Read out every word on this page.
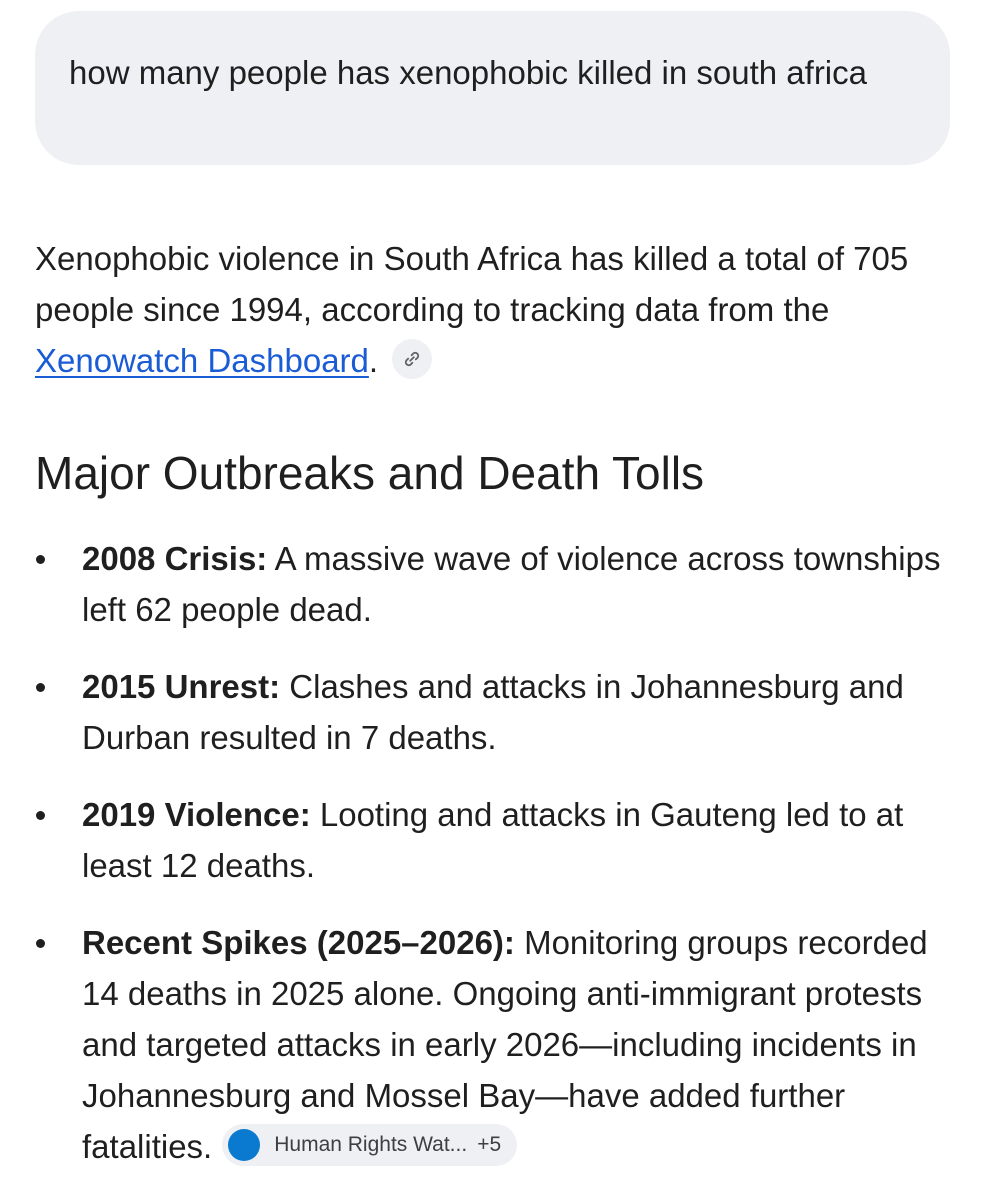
how many people has xenophobic killed in south africa
Xenophobic violence in South Africa has killed a total of 705 people since 1994, according to tracking data from the Xenowatch Dashboard.
Major Outbreaks and Death Tolls
2008 Crisis: A massive wave of violence across townships left 62 people dead.
2015 Unrest: Clashes and attacks in Johannesburg and Durban resulted in 7 deaths.
2019 Violence: Looting and attacks in Gauteng led to at least 12 deaths.
Recent Spikes (2025–2026): Monitoring groups recorded 14 deaths in 2025 alone. Ongoing anti-immigrant protests and targeted attacks in early 2026—including incidents in Johannesburg and Mossel Bay—have added further fatalities.	Human Rights Wat... +5
